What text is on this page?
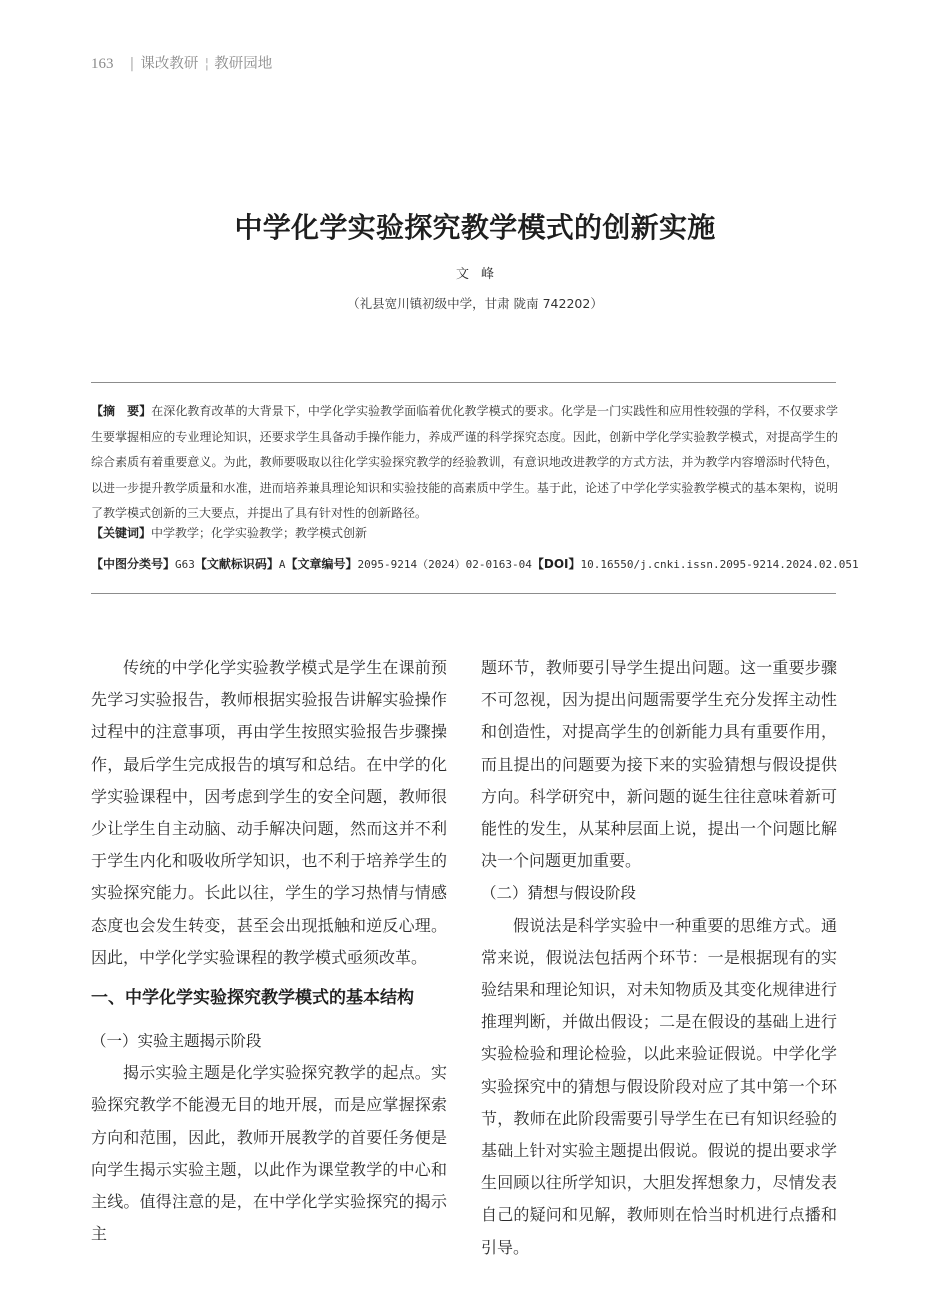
163 | 课改教研 ¦ 教研园地
中学化学实验探究教学模式的创新实施
文峰
（礼县宽川镇初级中学，甘肃 陇南 742202）
【摘　要】在深化教育改革的大背景下，中学化学实验教学面临着优化教学模式的要求。化学是一门实践性和应用性较强的学科，不仅要求学生要掌握相应的专业理论知识，还要求学生具备动手操作能力，养成严谨的科学探究态度。因此，创新中学化学实验教学模式，对提高学生的综合素质有着重要意义。为此，教师要吸取以往化学实验探究教学的经验教训，有意识地改进教学的方式方法，并为教学内容增添时代特色，以进一步提升教学质量和水准，进而培养兼具理论知识和实验技能的高素质中学生。基于此，论述了中学化学实验教学模式的基本架构，说明了教学模式创新的三大要点，并提出了具有针对性的创新路径。
【关键词】中学教学；化学实验教学；教学模式创新
【中图分类号】G63 【文献标识码】A 【文章编号】2095-9214（2024）02-0163-04 【DOI】10.16550/j.cnki.issn.2095-9214.2024.02.051

传统的中学化学实验教学模式是学生在课前预先学习实验报告，教师根据实验报告讲解实验操作过程中的注意事项，再由学生按照实验报告步骤操作，最后学生完成报告的填写和总结。在中学的化学实验课程中，因考虑到学生的安全问题，教师很少让学生自主动脑、动手解决问题，然而这并不利于学生内化和吸收所学知识，也不利于培养学生的实验探究能力。长此以往，学生的学习热情与情感态度也会发生转变，甚至会出现抵触和逆反心理。因此，中学化学实验课程的教学模式亟须改革。

一、中学化学实验探究教学模式的基本结构
（一）实验主题揭示阶段

揭示实验主题是化学实验探究教学的起点。实验探究教学不能漫无目的地开展，而是应掌握探索方向和范围，因此，教师开展教学的首要任务便是向学生揭示实验主题，以此作为课堂教学的中心和主线。值得注意的是，在中学化学实验探究的揭示主

题环节，教师要引导学生提出问题。这一重要步骤不可忽视，因为提出问题需要学生充分发挥主动性和创造性，对提高学生的创新能力具有重要作用，而且提出的问题要为接下来的实验猜想与假设提供方向。科学研究中，新问题的诞生往往意味着新可能性的发生，从某种层面上说，提出一个问题比解决一个问题更加重要。

（二）猜想与假设阶段

假说法是科学实验中一种重要的思维方式。通常来说，假说法包括两个环节：一是根据现有的实验结果和理论知识，对未知物质及其变化规律进行推理判断，并做出假设；二是在假设的基础上进行实验检验和理论检验，以此来验证假说。中学化学实验探究中的猜想与假设阶段对应了其中第一个环节，教师在此阶段需要引导学生在已有知识经验的基础上针对实验主题提出假说。假说的提出要求学生回顾以往所学知识，大胆发挥想象力，尽情发表自己的疑问和见解，教师则在恰当时机进行点播和引导。
